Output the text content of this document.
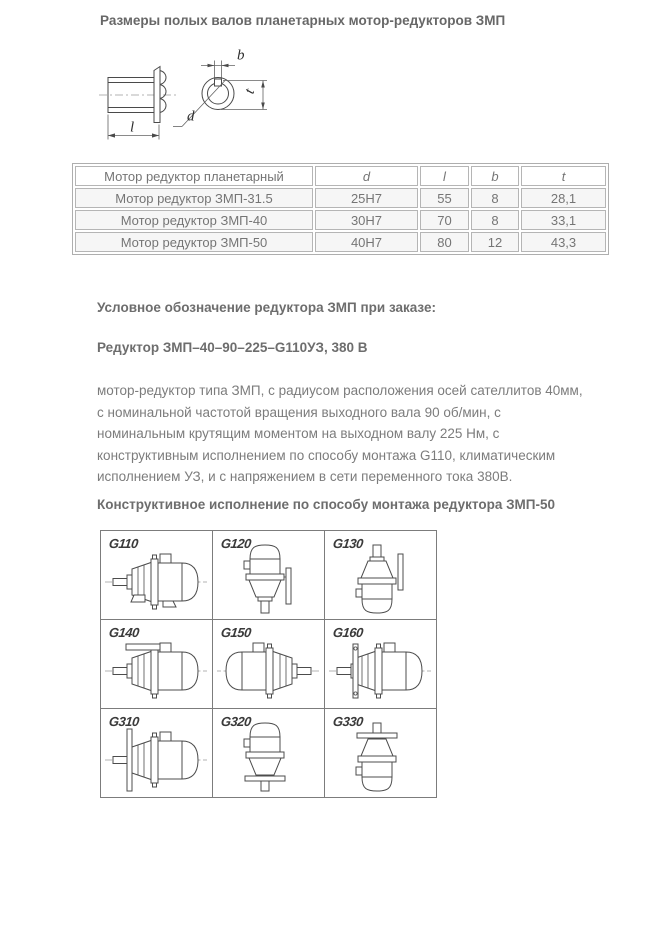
Размеры полых валов планетарных мотор-редукторов ЗМП
l
b
t
d
Мотор редуктор планетарный	d	l	b	t
Мотор редуктор ЗМП-31.5	25Н7	55	8	28,1
Мотор редуктор ЗМП-40	30Н7	70	8	33,1
Мотор редуктор ЗМП-50	40Н7	80	12	43,3
Условное обозначение редуктора ЗМП при заказе:
Редуктор ЗМП–40–90–225–G110УЗ, 380 В
мотор-редуктор типа ЗМП, с радиусом расположения осей сателлитов 40мм, с номинальной частотой вращения выходного вала 90 об/мин, с номинальным крутящим моментом на выходном валу 225 Нм, с конструктивным исполнением по способу монтажа G110, климатическим исполнением УЗ, и с напряжением в сети переменного тока 380В.
Конструктивное исполнение по способу монтажа редуктора ЗМП-50
G110	G120	G130

G140	G150	G160

G310	G320	G330
